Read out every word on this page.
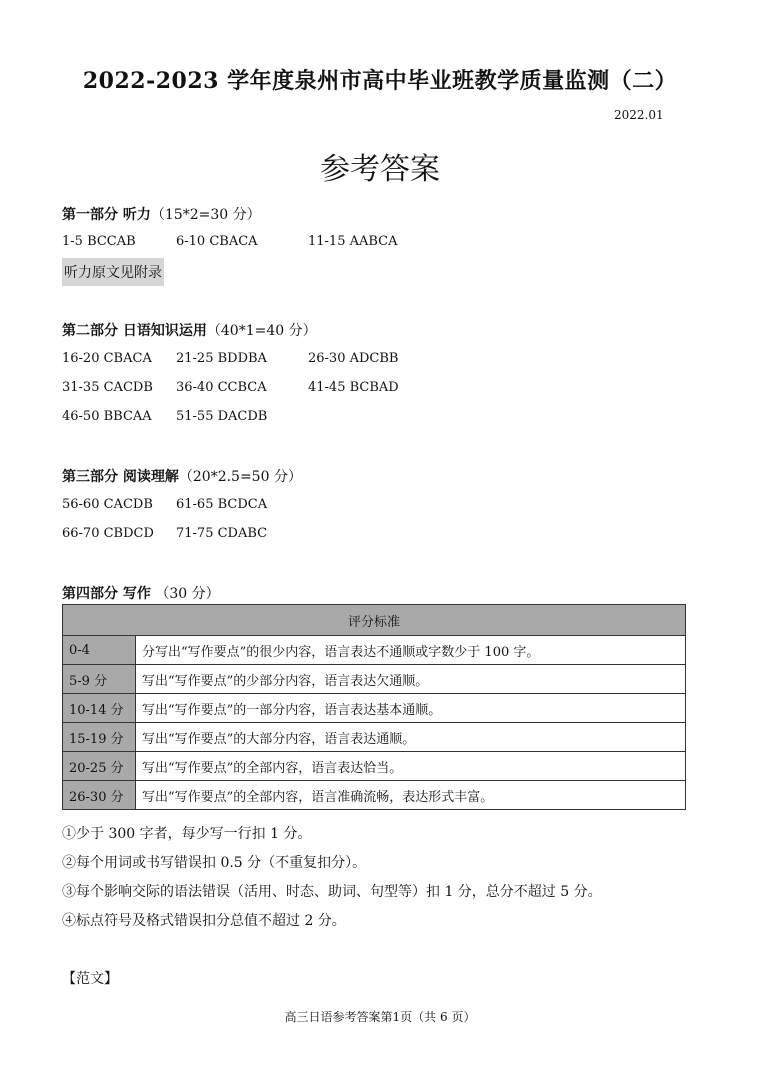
2022-2023 学年度泉州市高中毕业班教学质量监测（二）
2022.01
参考答案
第一部分 听力（15*2=30 分）
1-5 BCCAB	6-10 CBACA	11-15 AABCA
听力原文见附录
第二部分 日语知识运用（40*1=40 分）
16-20 CBACA 21-25 BDDBA	26-30 ADCBB
31-35 CACDB 36-40 CCBCA	41-45 BCBAD
46-50 BBCAA 51-55 DACDB
第三部分 阅读理解（20*2.5=50 分）
56-60 CACDB 61-65 BCDCA
66-70 CBDCD 71-75 CDABC
第四部分 写作 （30 分）
评分标准	
0-4	分写出“写作要点”的很少内容，语言表达不通顺或字数少于 100 字。
5-9 分	写出“写作要点”的少部分内容，语言表达欠通顺。
10-14 分	写出“写作要点”的一部分内容，语言表达基本通顺。
15-19 分	写出“写作要点”的大部分内容，语言表达通顺。
20-25 分	写出“写作要点”的全部内容，语言表达恰当。
26-30 分	写出“写作要点”的全部内容，语言准确流畅，表达形式丰富。
①少于 300 字者，每少写一行扣 1 分。
②每个用词或书写错误扣 0.5 分（不重复扣分）。
③每个影响交际的语法错误（活用、时态、助词、句型等）扣 1 分，总分不超过 5 分。
④标点符号及格式错误扣分总值不超过 2 分。
【范文】
高三日语参考答案第1页（共 6 页）
